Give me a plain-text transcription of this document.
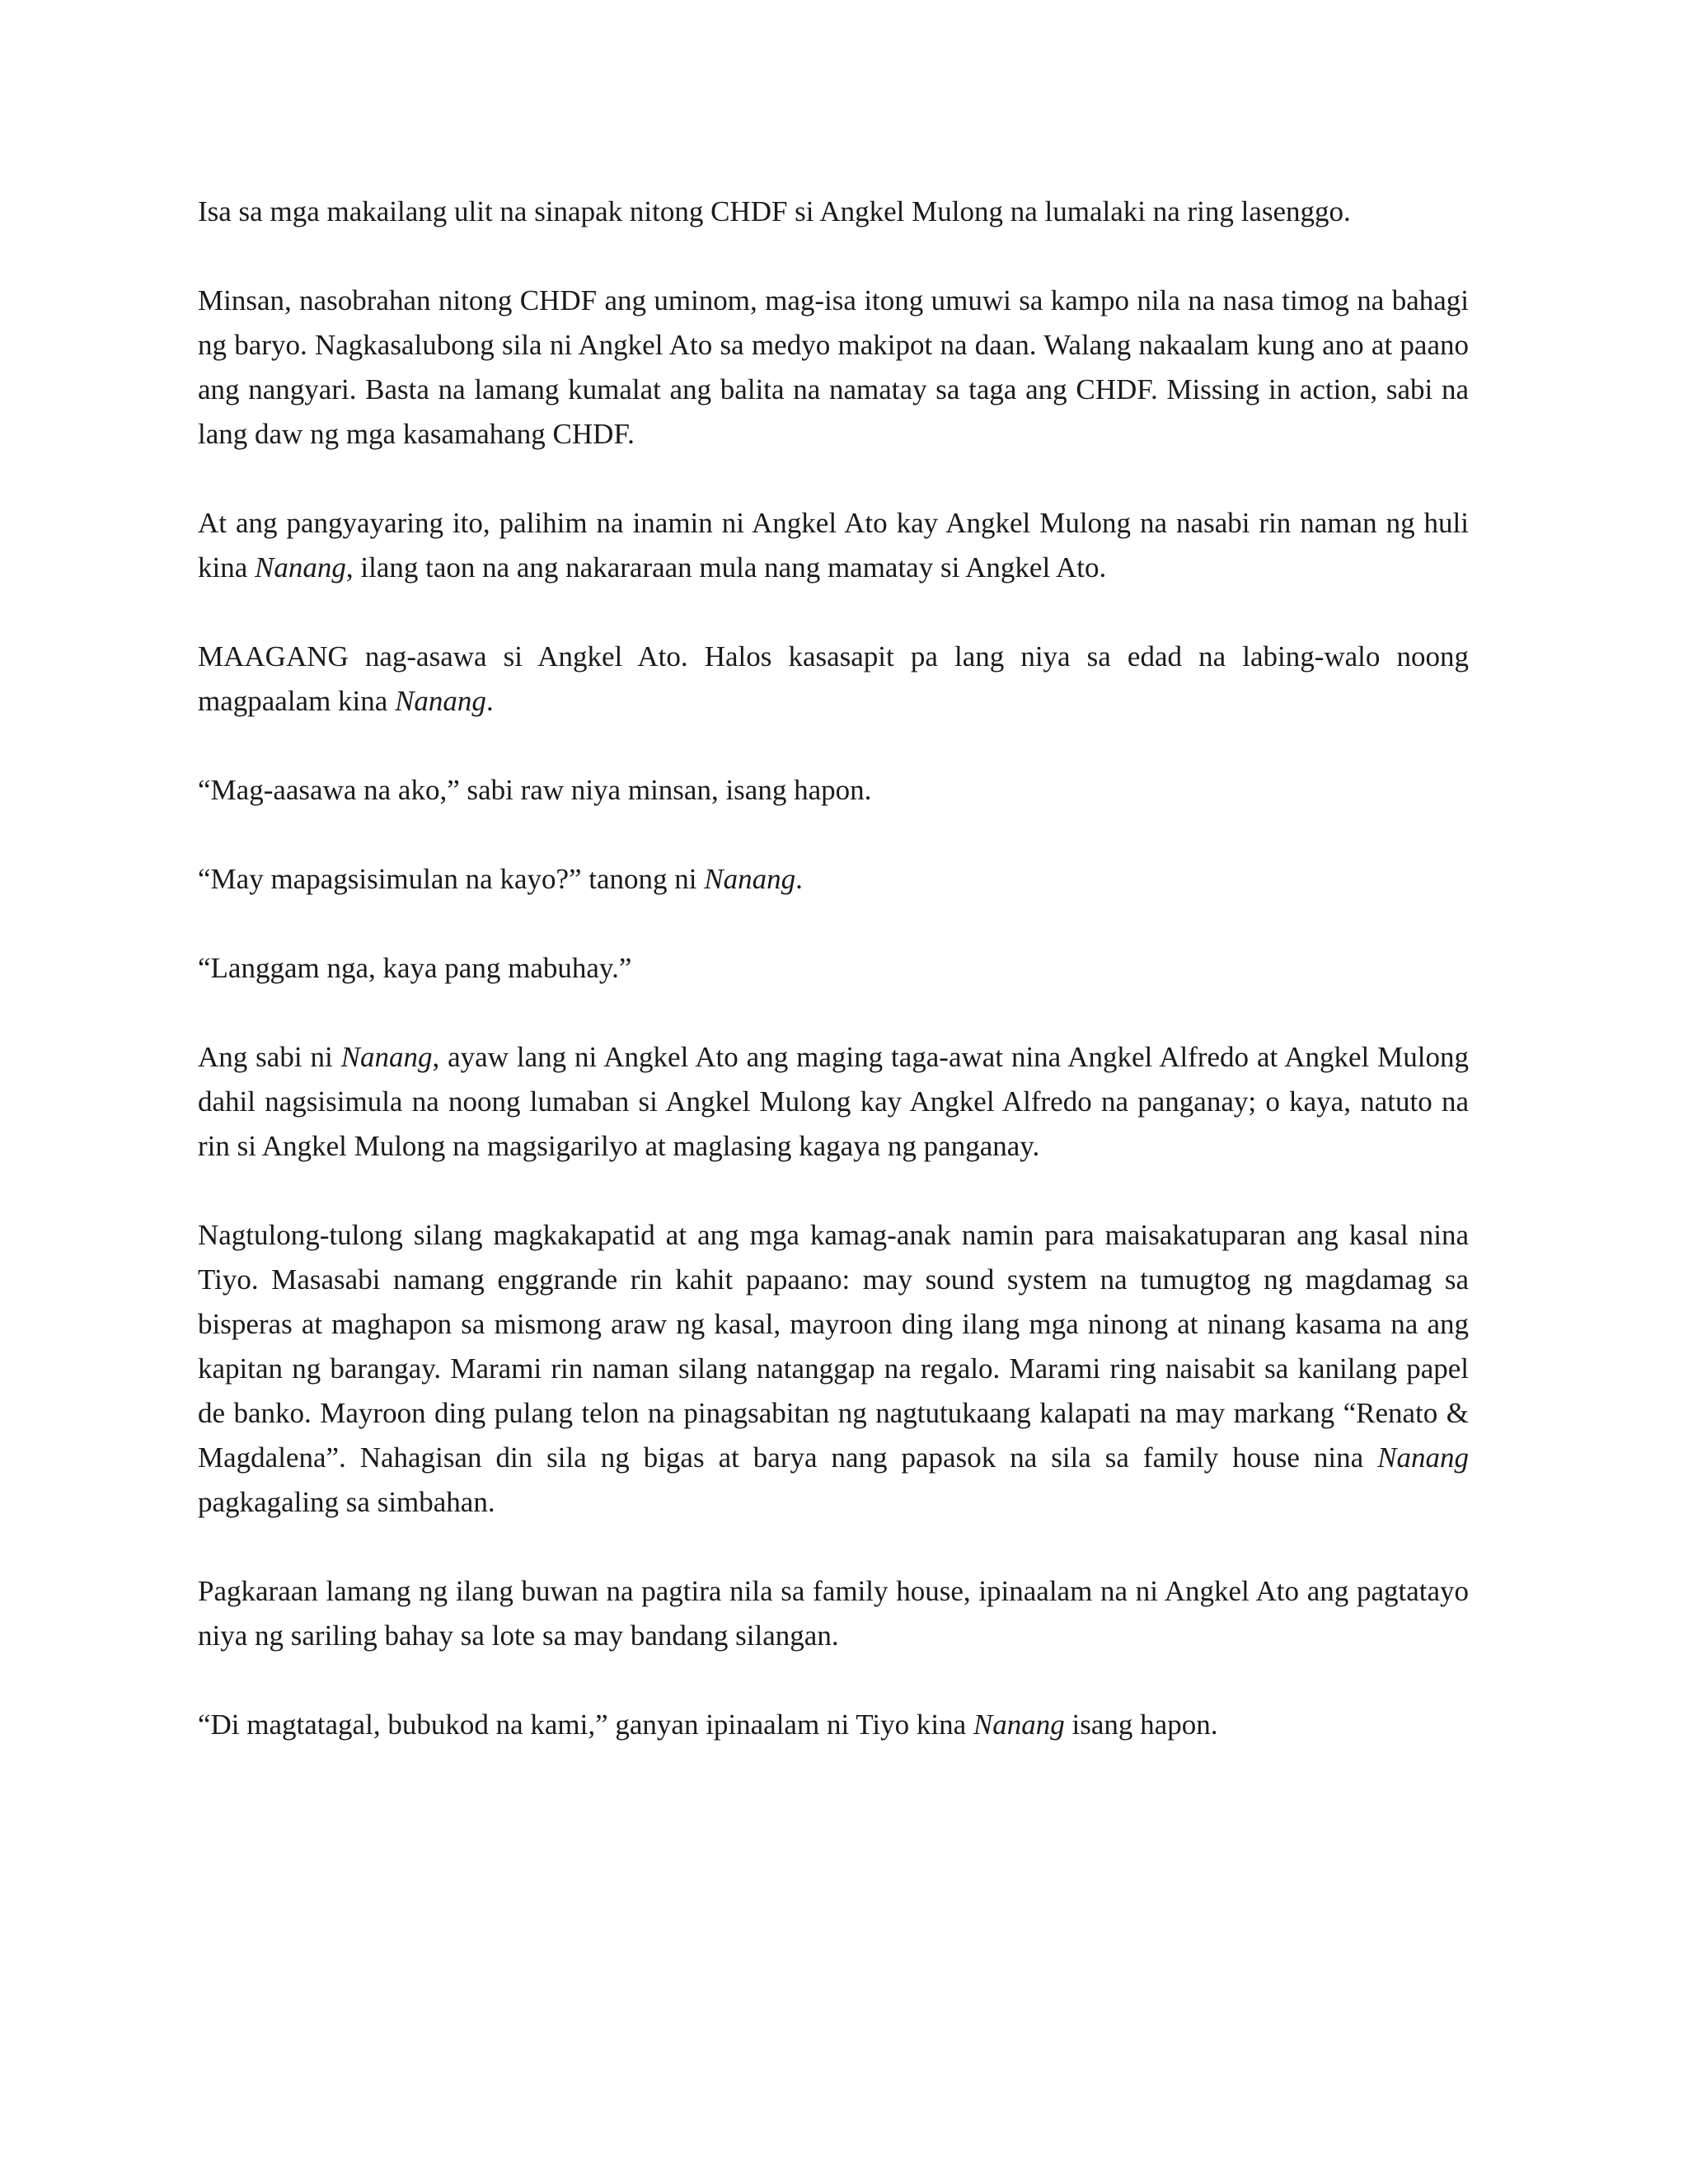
Isa sa mga makailang ulit na sinapak nitong CHDF si Angkel Mulong na lumalaki na ring lasenggo.

Minsan, nasobrahan nitong CHDF ang uminom, mag-isa itong umuwi sa kampo nila na nasa timog na bahagi ng baryo. Nagkasalubong sila ni Angkel Ato sa medyo makipot na daan. Walang nakaalam kung ano at paano ang nangyari. Basta na lamang kumalat ang balita na namatay sa taga ang CHDF. Missing in action, sabi na lang daw ng mga kasamahang CHDF.

At ang pangyayaring ito, palihim na inamin ni Angkel Ato kay Angkel Mulong na nasabi rin naman ng huli kina Nanang, ilang taon na ang nakararaan mula nang mamatay si Angkel Ato.

MAAGANG nag-asawa si Angkel Ato. Halos kasasapit pa lang niya sa edad na labing-walo noong magpaalam kina Nanang.

“Mag-aasawa na ako,” sabi raw niya minsan, isang hapon.

“May mapagsisimulan na kayo?” tanong ni Nanang.

“Langgam nga, kaya pang mabuhay.”

Ang sabi ni Nanang, ayaw lang ni Angkel Ato ang maging taga-awat nina Angkel Alfredo at Angkel Mulong dahil nagsisimula na noong lumaban si Angkel Mulong kay Angkel Alfredo na panganay; o kaya, natuto na rin si Angkel Mulong na magsigarilyo at maglasing kagaya ng panganay.

Nagtulong-tulong silang magkakapatid at ang mga kamag-anak namin para maisakatuparan ang kasal nina Tiyo. Masasabi namang enggrande rin kahit papaano: may sound system na tumugtog ng magdamag sa bisperas at maghapon sa mismong araw ng kasal, mayroon ding ilang mga ninong at ninang kasama na ang kapitan ng barangay. Marami rin naman silang natanggap na regalo. Marami ring naisabit sa kanilang papel de banko. Mayroon ding pulang telon na pinagsabitan ng nagtutukaang kalapati na may markang “Renato & Magdalena”. Nahagisan din sila ng bigas at barya nang papasok na sila sa family house nina Nanang pagkagaling sa simbahan.

Pagkaraan lamang ng ilang buwan na pagtira nila sa family house, ipinaalam na ni Angkel Ato ang pagtatayo niya ng sariling bahay sa lote sa may bandang silangan.

“Di magtatagal, bubukod na kami,” ganyan ipinaalam ni Tiyo kina Nanang isang hapon.
